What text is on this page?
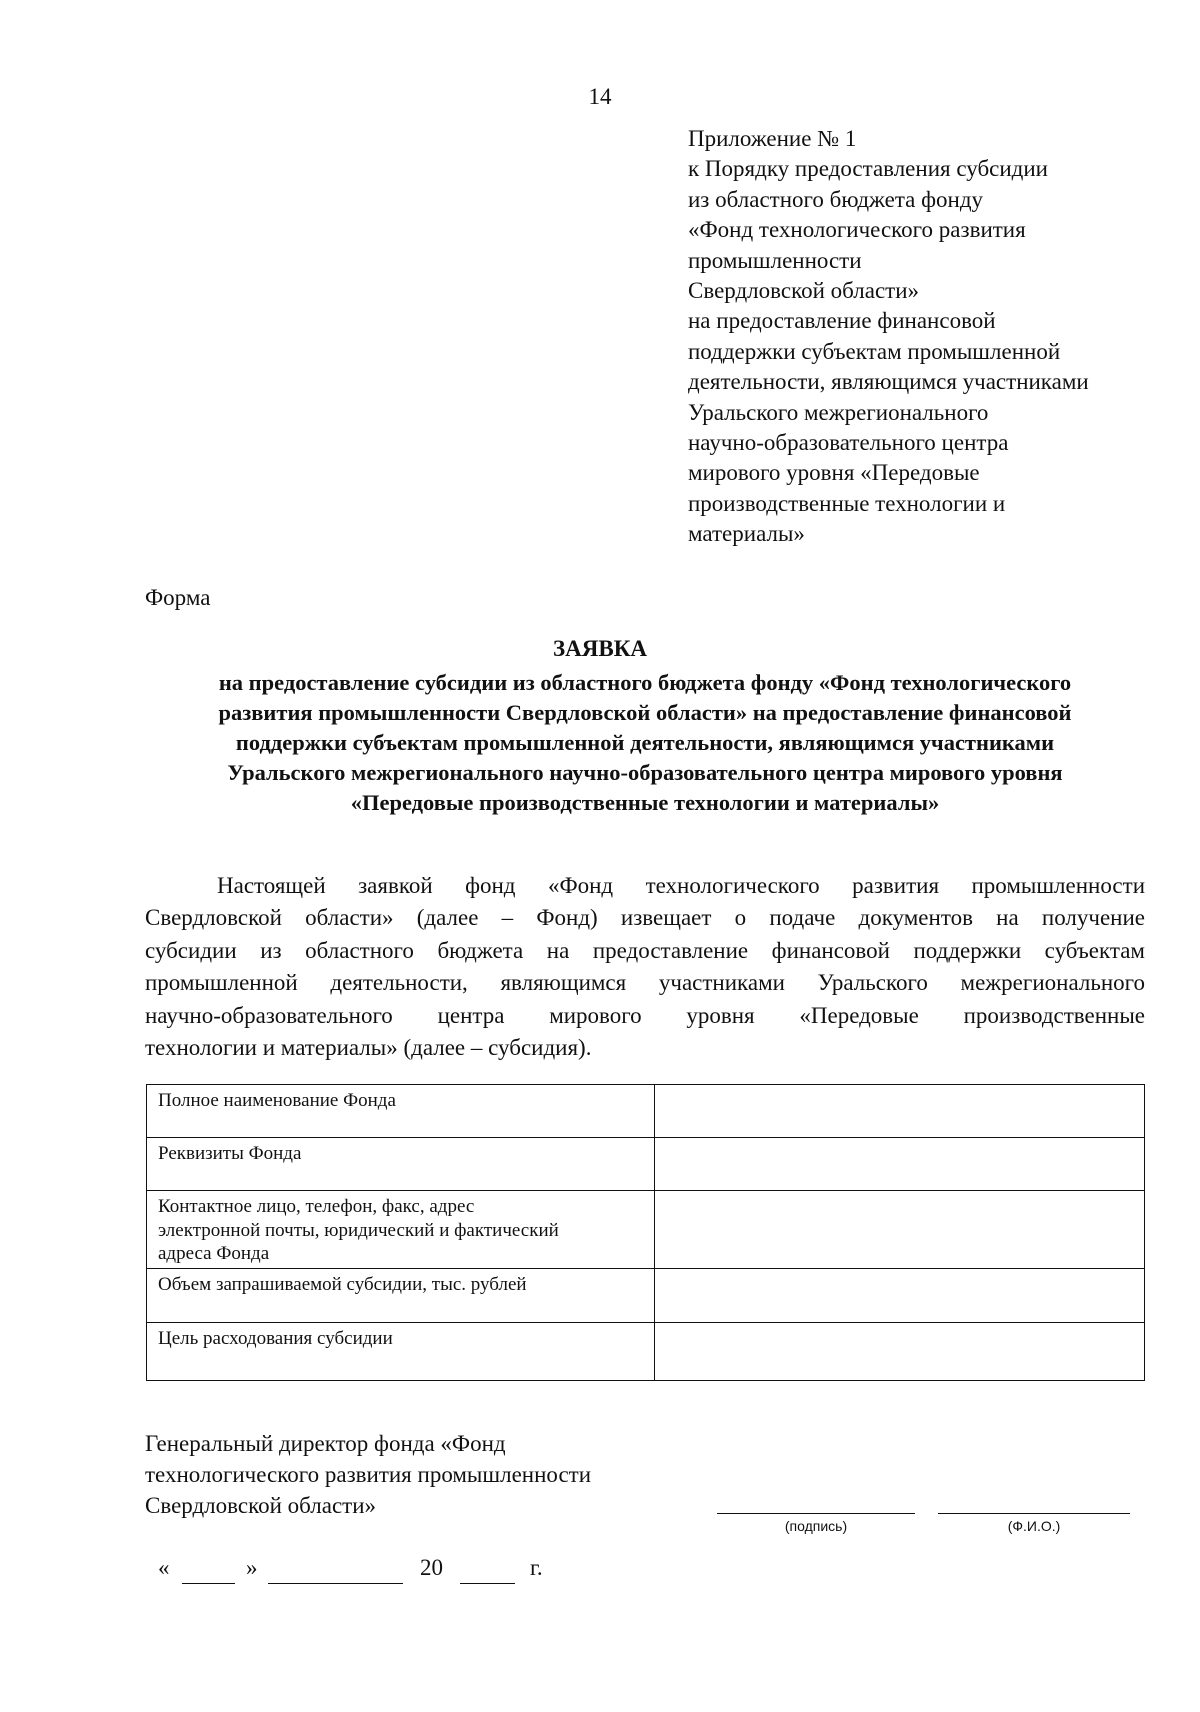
14
Приложение № 1
к Порядку предоставления субсидии
из областного бюджета фонду
«Фонд технологического развития
промышленности
Свердловской области»
на предоставление финансовой
поддержки субъектам промышленной
деятельности, являющимся участниками
Уральского межрегионального
научно-образовательного центра
мирового уровня «Передовые
производственные технологии и
материалы»
Форма
ЗАЯВКА
на предоставление субсидии из областного бюджета фонду «Фонд технологического
развития промышленности Свердловской области» на предоставление финансовой
поддержки субъектам промышленной деятельности, являющимся участниками
Уральского межрегионального научно-образовательного центра мирового уровня
«Передовые производственные технологии и материалы»
Настоящей заявкой фонд «Фонд технологического развития промышленности
Свердловской области» (далее – Фонд) извещает о подаче документов на получение
субсидии из областного бюджета на предоставление финансовой поддержки субъектам
промышленной деятельности, являющимся участниками Уральского межрегионального
научно-образовательного центра мирового уровня «Передовые производственные
технологии и материалы» (далее – субсидия).
Полное наименование Фонда	

Реквизиты Фонда	

Контактное лицо, телефон, факс, адрес
электронной почты, юридический и фактический
адреса Фонда	

Объем запрашиваемой субсидии, тыс. рублей	

Цель расходования субсидии	

Генеральный директор фонда «Фонд
технологического развития промышленности
Свердловской области»
(подпись)	(Ф.И.О.)
«	»	20	г.
